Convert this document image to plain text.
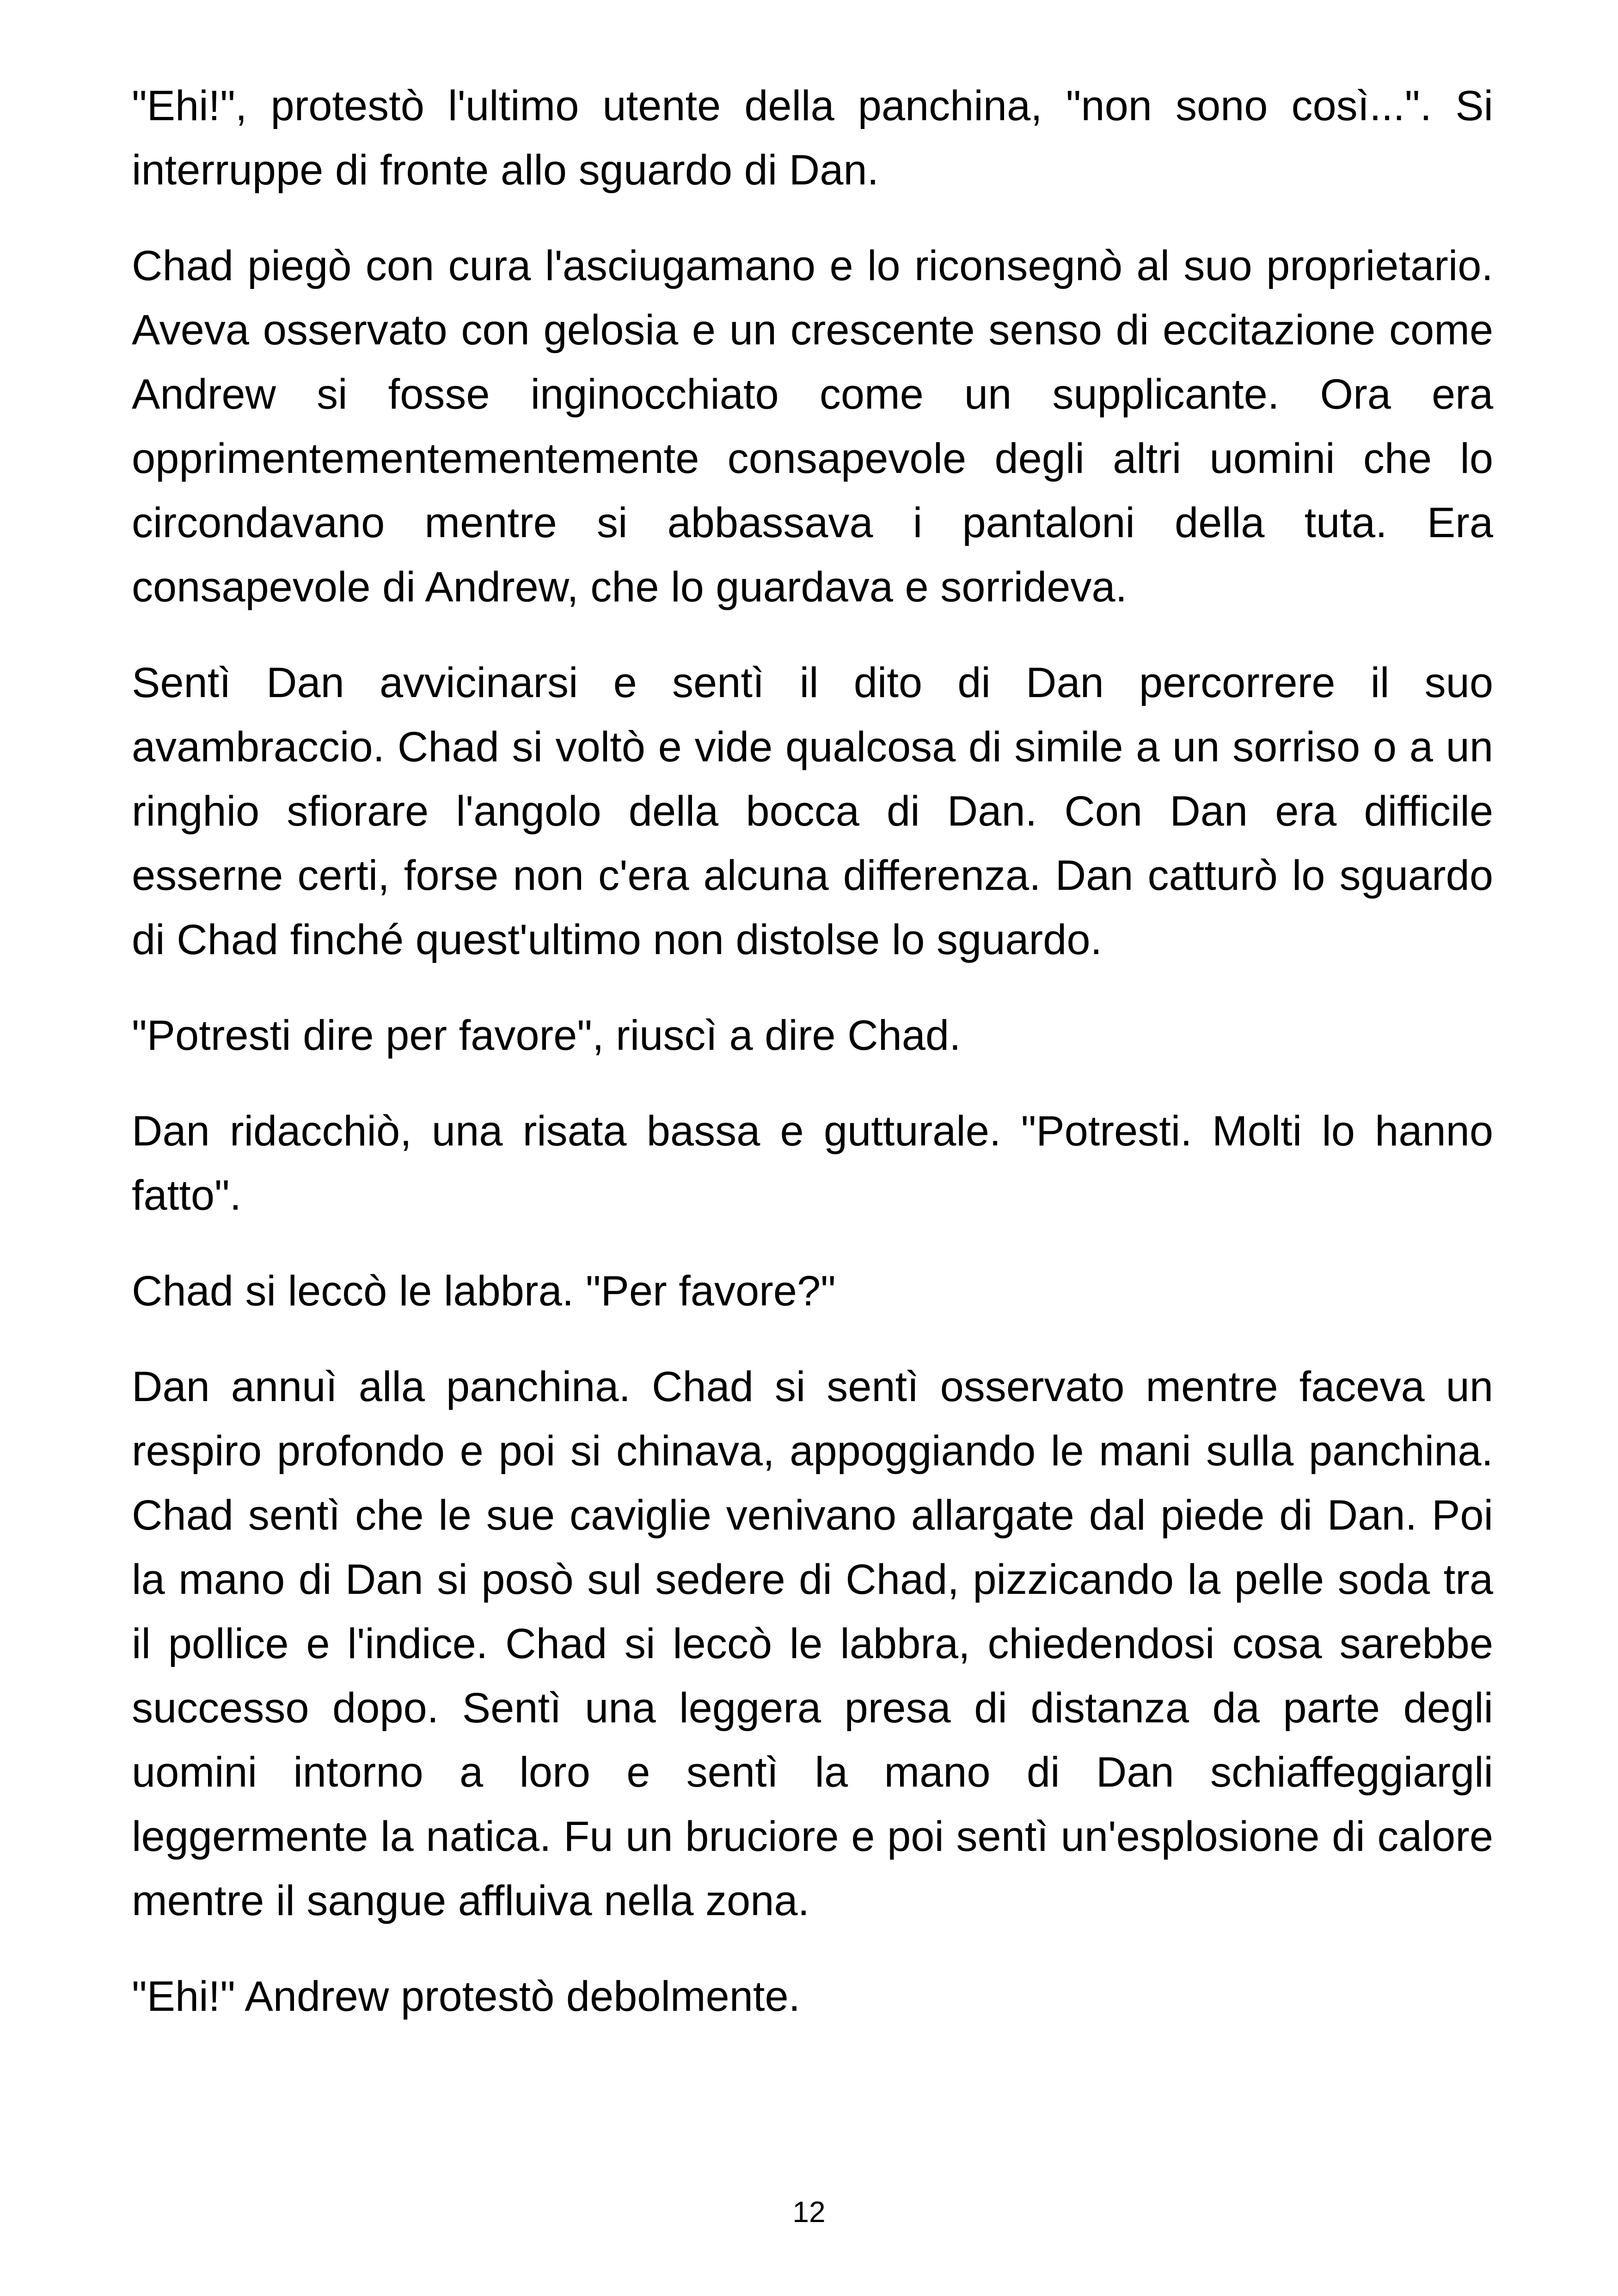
"Ehi!", protestò l'ultimo utente della panchina, "non sono così...". Si interruppe di fronte allo sguardo di Dan.

Chad piegò con cura l'asciugamano e lo riconsegnò al suo proprietario. Aveva osservato con gelosia e un crescente senso di eccitazione come Andrew si fosse inginocchiato come un supplicante. Ora era opprimentementementemente consapevole degli altri uomini che lo circondavano mentre si abbassava i pantaloni della tuta. Era consapevole di Andrew, che lo guardava e sorrideva.

Sentì Dan avvicinarsi e sentì il dito di Dan percorrere il suo avambraccio. Chad si voltò e vide qualcosa di simile a un sorriso o a un ringhio sfiorare l'angolo della bocca di Dan. Con Dan era difficile esserne certi, forse non c'era alcuna differenza. Dan catturò lo sguardo di Chad finché quest'ultimo non distolse lo sguardo.

"Potresti dire per favore", riuscì a dire Chad.

Dan ridacchiò, una risata bassa e gutturale. "Potresti. Molti lo hanno fatto".

Chad si leccò le labbra. "Per favore?"

Dan annuì alla panchina. Chad si sentì osservato mentre faceva un respiro profondo e poi si chinava, appoggiando le mani sulla panchina. Chad sentì che le sue caviglie venivano allargate dal piede di Dan. Poi la mano di Dan si posò sul sedere di Chad, pizzicando la pelle soda tra il pollice e l'indice. Chad si leccò le labbra, chiedendosi cosa sarebbe successo dopo. Sentì una leggera presa di distanza da parte degli uomini intorno a loro e sentì la mano di Dan schiaffeggiargli leggermente la natica. Fu un bruciore e poi sentì un'esplosione di calore mentre il sangue affluiva nella zona.

"Ehi!" Andrew protestò debolmente.

12
